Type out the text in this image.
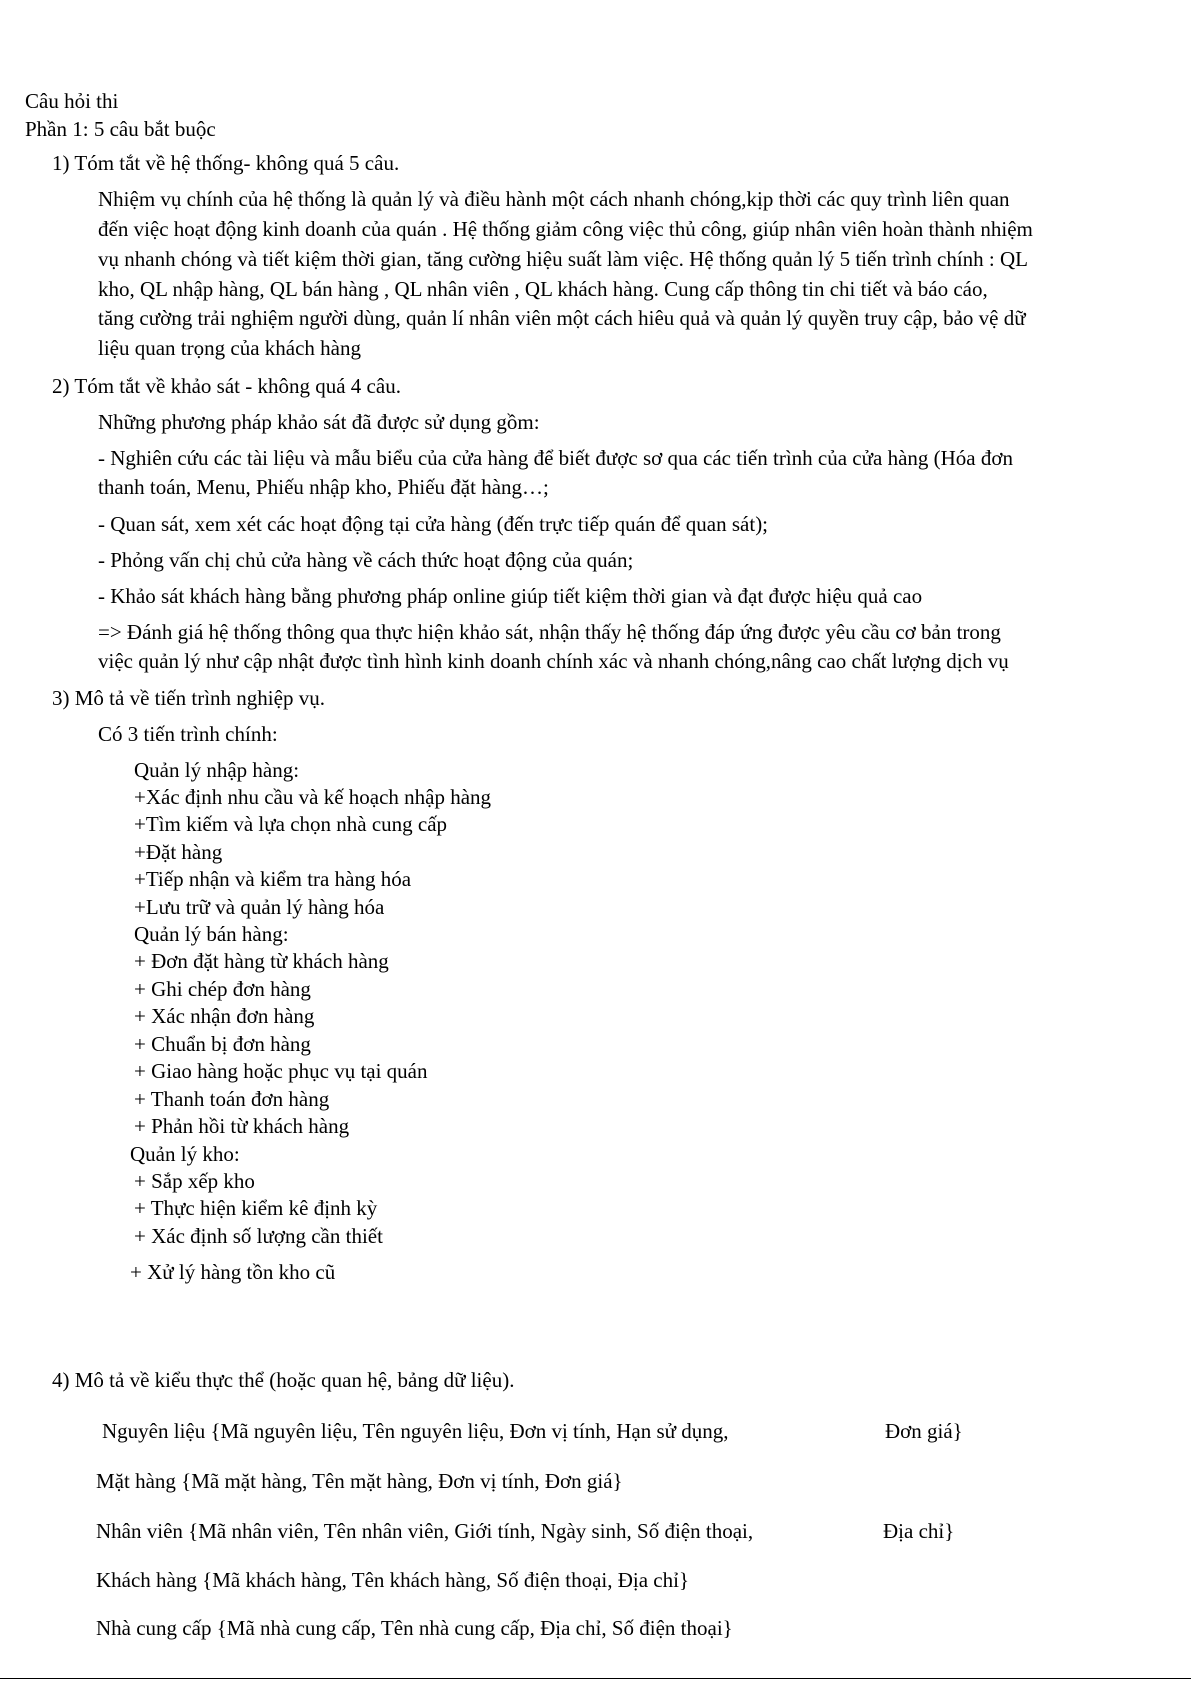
Câu hỏi thi

Phần 1: 5 câu bắt buộc

1) Tóm tắt về hệ thống- không quá 5 câu.

Nhiệm vụ chính của hệ thống là quản lý và điều hành một cách nhanh chóng,kịp thời các quy trình liên quan

đến việc hoạt động kinh doanh của quán . Hệ thống giảm công việc thủ công, giúp nhân viên hoàn thành nhiệm

vụ nhanh chóng và tiết kiệm thời gian, tăng cường hiệu suất làm việc. Hệ thống quản lý 5 tiến trình chính : QL

kho, QL nhập hàng, QL bán hàng , QL nhân viên , QL khách hàng. Cung cấp thông tin chi tiết và báo cáo,

tăng cường trải nghiệm người dùng, quản lí nhân viên một cách hiêu quả và quản lý quyền truy cập, bảo vệ dữ

liệu quan trọng của khách hàng

2) Tóm tắt về khảo sát - không quá 4 câu.

Những phương pháp khảo sát đã được sử dụng gồm:

- Nghiên cứu các tài liệu và mẫu biểu của cửa hàng để biết được sơ qua các tiến trình của cửa hàng (Hóa đơn

thanh toán, Menu, Phiếu nhập kho, Phiếu đặt hàng…;

- Quan sát, xem xét các hoạt động tại cửa hàng (đến trực tiếp quán để quan sát);

- Phỏng vấn chị chủ cửa hàng về cách thức hoạt động của quán;

- Khảo sát khách hàng bằng phương pháp online giúp tiết kiệm thời gian và đạt được hiệu quả cao

=> Đánh giá hệ thống thông qua thực hiện khảo sát, nhận thấy hệ thống đáp ứng được yêu cầu cơ bản trong

việc quản lý như cập nhật được tình hình kinh doanh chính xác và nhanh chóng,nâng cao chất lượng dịch vụ

3) Mô tả về tiến trình nghiệp vụ.

Có 3 tiến trình chính:

Quản lý nhập hàng:

+Xác định nhu cầu và kế hoạch nhập hàng

+Tìm kiếm và lựa chọn nhà cung cấp

+Đặt hàng

+Tiếp nhận và kiểm tra hàng hóa

+Lưu trữ và quản lý hàng hóa

Quản lý bán hàng:

+ Đơn đặt hàng từ khách hàng

+ Ghi chép đơn hàng

+ Xác nhận đơn hàng

+ Chuẩn bị đơn hàng

+ Giao hàng hoặc phục vụ tại quán

+ Thanh toán đơn hàng

+ Phản hồi từ khách hàng

Quản lý kho:

+ Sắp xếp kho

+ Thực hiện kiểm kê định kỳ

+ Xác định số lượng cần thiết

+ Xử lý hàng tồn kho cũ

4) Mô tả về kiểu thực thể (hoặc quan hệ, bảng dữ liệu).

Nguyên liệu {Mã nguyên liệu, Tên nguyên liệu, Đơn vị tính, Hạn sử dụng,	Đơn giá}

Mặt hàng {Mã mặt hàng, Tên mặt hàng, Đơn vị tính, Đơn giá}

Nhân viên {Mã nhân viên, Tên nhân viên, Giới tính, Ngày sinh, Số điện thoại,	Địa chỉ}

Khách hàng {Mã khách hàng, Tên khách hàng, Số điện thoại, Địa chỉ}

Nhà cung cấp {Mã nhà cung cấp, Tên nhà cung cấp, Địa chỉ, Số điện thoại}
